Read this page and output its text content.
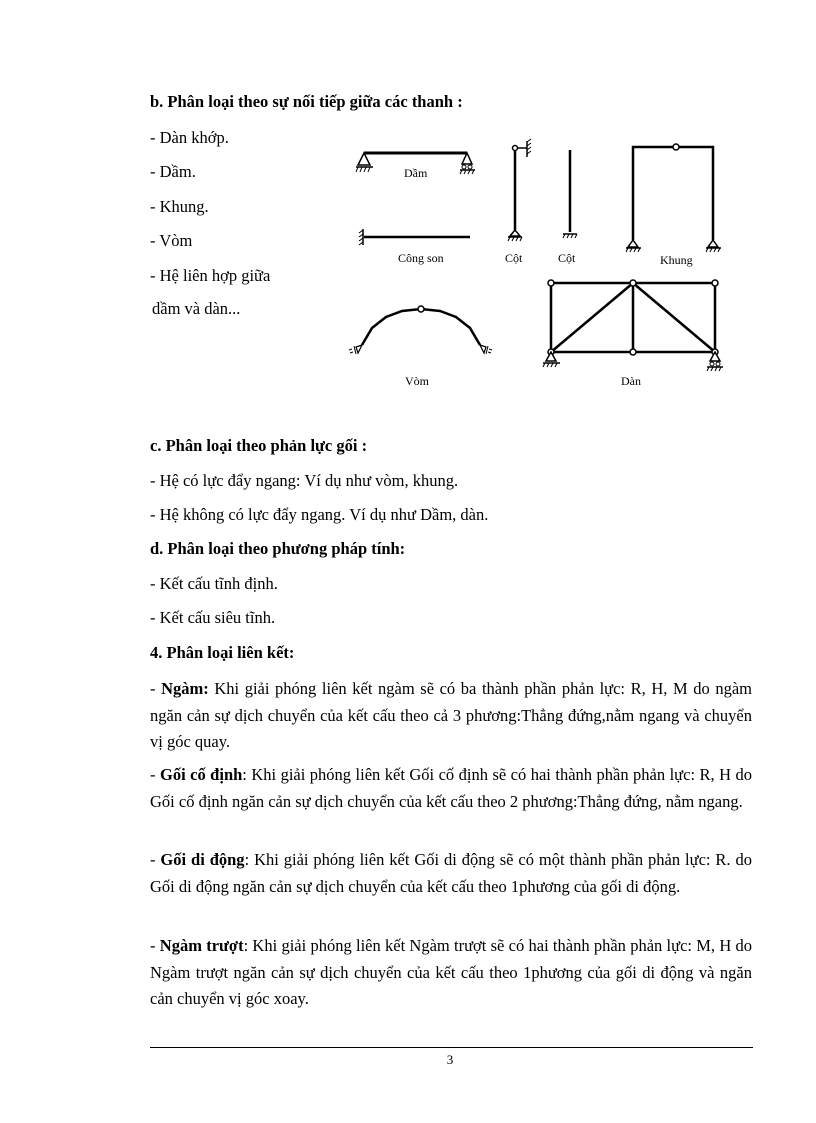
b. Phân loại theo sự nối tiếp giữa các thanh :
- Dàn khớp.
- Dầm.
- Khung.
- Vòm
- Hệ liên hợp giữa
dầm và dàn...
Dầm
Công son	Cột	Cột	Khung
Vòm	Dàn
c. Phân loại theo phản lực gối :
- Hệ có lực đẩy ngang: Ví dụ như vòm, khung.
- Hệ không có lực đẩy ngang. Ví dụ như Dầm, dàn.
d. Phân loại theo phương pháp tính:
- Kết cấu tĩnh định.
- Kết cấu siêu tĩnh.
4. Phân loại liên kết:
- Ngàm: Khi giải phóng liên kết ngàm sẽ có ba thành phần phản lực: R, H, M do ngàm ngăn cản sự dịch chuyển của kết cấu theo cả 3 phương:Thẳng đứng,nằm ngang và chuyển vị góc quay.
- Gối cố định: Khi giải phóng liên kết Gối cố định sẽ có hai thành phần phản lực: R, H do Gối cố định ngăn cản sự dịch chuyển của kết cấu theo 2 phương:Thẳng đứng, nằm ngang.
- Gối di động: Khi giải phóng liên kết Gối di động sẽ có một thành phần phản lực: R. do Gối di động ngăn cản sự dịch chuyển của kết cấu theo 1phương của gối di động.
- Ngàm trượt: Khi giải phóng liên kết Ngàm trượt sẽ có hai thành phần phản lực: M, H do Ngàm trượt ngăn cản sự dịch chuyển của kết cấu theo 1phương của gối di động và ngăn cản chuyển vị góc xoay.
3
